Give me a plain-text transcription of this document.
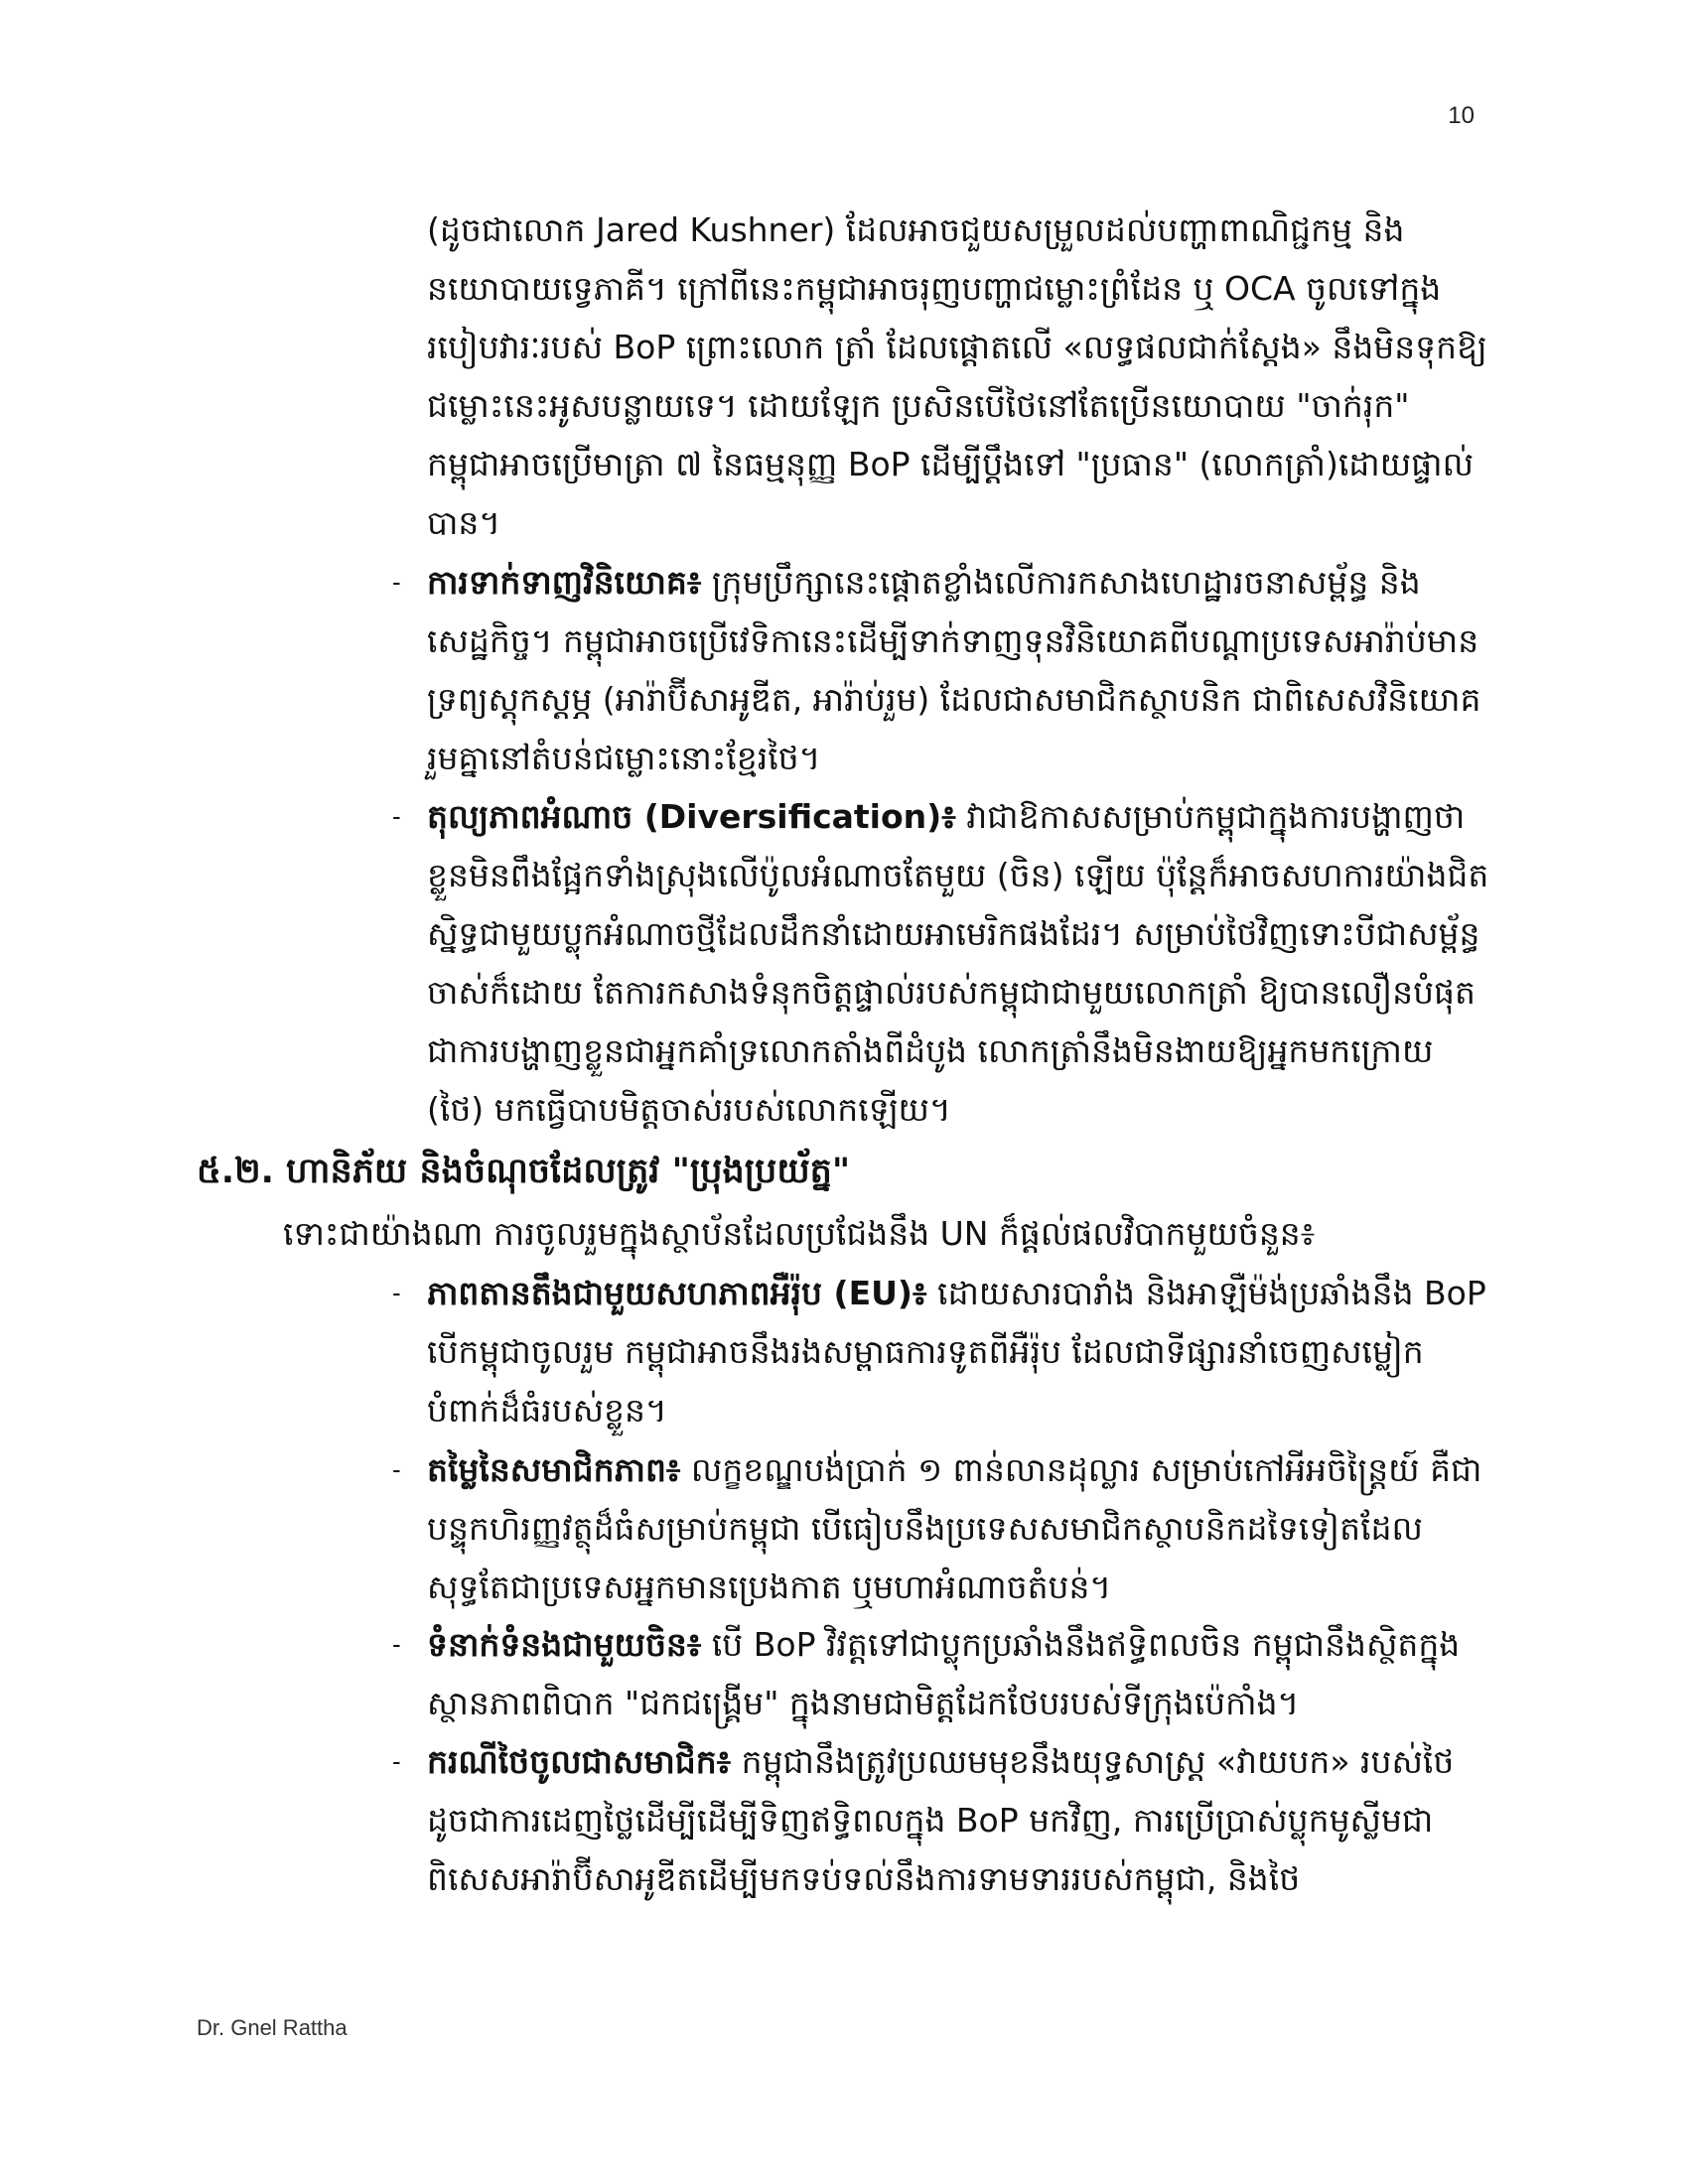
10
(ដូចជាលោក Jared Kushner) ដែលអាចជួយសម្រួលដល់បញ្ហាពាណិជ្ជកម្ម និងនយោបាយទ្វេភាគី។ ក្រៅពីនេះកម្ពុជាអាចរុញបញ្ហាជម្លោះព្រំដែន ឬ OCA ចូលទៅក្នុងរបៀបវារៈរបស់ BoP ព្រោះលោក ត្រាំ ដែលផ្តោតលើ «លទ្ធផលជាក់ស្តែង» នឹងមិនទុកឱ្យជម្លោះនេះអូសបន្លាយទេ។ ដោយឡែក ប្រសិនបើថៃនៅតែប្រើនយោបាយ "ចាក់រុក" កម្ពុជាអាចប្រើមាត្រា ៧ នៃធម្មនុញ្ញ BoP ដើម្បីប្តឹងទៅ "ប្រធាន" (លោកត្រាំ)ដោយផ្ទាល់បាន។
- ការទាក់ទាញវិនិយោគ៖ ក្រុមប្រឹក្សានេះផ្តោតខ្លាំងលើការកសាងហេដ្ឋារចនាសម្ព័ន្ធ និងសេដ្ឋកិច្ច។ កម្ពុជាអាចប្រើវេទិកានេះដើម្បីទាក់ទាញទុនវិនិយោគពីបណ្តាប្រទេសអារ៉ាប់មានទ្រព្យស្តុកស្តម្ភ (អារ៉ាប៊ីសាអូឌីត, អារ៉ាប់រួម) ដែលជាសមាជិកស្ថាបនិក ជាពិសេសវិនិយោគរួមគ្នានៅតំបន់ជម្លោះនោះខ្មែរថៃ។
- តុល្យភាពអំណាច (Diversification)៖ វាជាឱកាសសម្រាប់កម្ពុជាក្នុងការបង្ហាញថាខ្លួនមិនពឹងផ្អែកទាំងស្រុងលើប៉ូលអំណាចតែមួយ (ចិន) ឡើយ ប៉ុន្តែក៏អាចសហការយ៉ាងជិតស្និទ្ធជាមួយប្លុកអំណាចថ្មីដែលដឹកនាំដោយអាមេរិកផងដែរ។ សម្រាប់ថៃវិញទោះបីជាសម្ព័ន្ធចាស់ក៏ដោយ តែការកសាងទំនុកចិត្តផ្ទាល់របស់កម្ពុជាជាមួយលោកត្រាំ ឱ្យបានលឿនបំផុត ជាការបង្ហាញខ្លួនជាអ្នកគាំទ្រលោកតាំងពីដំបូង លោកត្រាំនឹងមិនងាយឱ្យអ្នកមកក្រោយ (ថៃ) មកធ្វើបាបមិត្តចាស់របស់លោកឡើយ។
៥.២. ហានិភ័យ និងចំណុចដែលត្រូវ "ប្រុងប្រយ័ត្ន"
ទោះជាយ៉ាងណា ការចូលរួមក្នុងស្ថាប័នដែលប្រជែងនឹង UN ក៏ផ្តល់ផលវិបាកមួយចំនួន៖
- ភាពតានតឹងជាមួយសហភាពអឺរ៉ុប (EU)៖ ដោយសារបារាំង និងអាឡឺម៉ង់ប្រឆាំងនឹង BoP បើកម្ពុជាចូលរួម កម្ពុជាអាចនឹងរងសម្ពាធការទូតពីអឺរ៉ុប ដែលជាទីផ្សារនាំចេញសម្លៀកបំពាក់ដ៏ធំរបស់ខ្លួន។
- តម្លៃនៃសមាជិកភាព៖ លក្ខខណ្ឌបង់ប្រាក់ ១ ពាន់លានដុល្លារ សម្រាប់កៅអីអចិន្ត្រៃយ៍ គឺជាបន្ទុកហិរញ្ញវត្ថុដ៏ធំសម្រាប់កម្ពុជា បើធៀបនឹងប្រទេសសមាជិកស្ថាបនិកដទៃទៀតដែលសុទ្ធតែជាប្រទេសអ្នកមានប្រេងកាត ឬមហាអំណាចតំបន់។
- ទំនាក់ទំនងជាមួយចិន៖ បើ BoP វិវត្តទៅជាប្លុកប្រឆាំងនឹងឥទ្ធិពលចិន កម្ពុជានឹងស្ថិតក្នុងស្ថានភាពពិបាក "ជកជង្គ្រើម" ក្នុងនាមជាមិត្តដែកថែបរបស់ទីក្រុងប៉េកាំង។
- ករណីថៃចូលជាសមាជិក៖ កម្ពុជានឹងត្រូវប្រឈមមុខនឹងយុទ្ធសាស្ត្រ «វាយបក» របស់ថៃដូចជាការដេញថ្លៃដើម្បីដើម្បីទិញឥទ្ធិពលក្នុង BoP មកវិញ, ការប្រើប្រាស់ប្លុកមូស្លីមជាពិសេសអារ៉ាប៊ីសាអូឌីតដើម្បីមកទប់ទល់នឹងការទាមទាររបស់កម្ពុជា, និងថៃ
Dr. Gnel Rattha
